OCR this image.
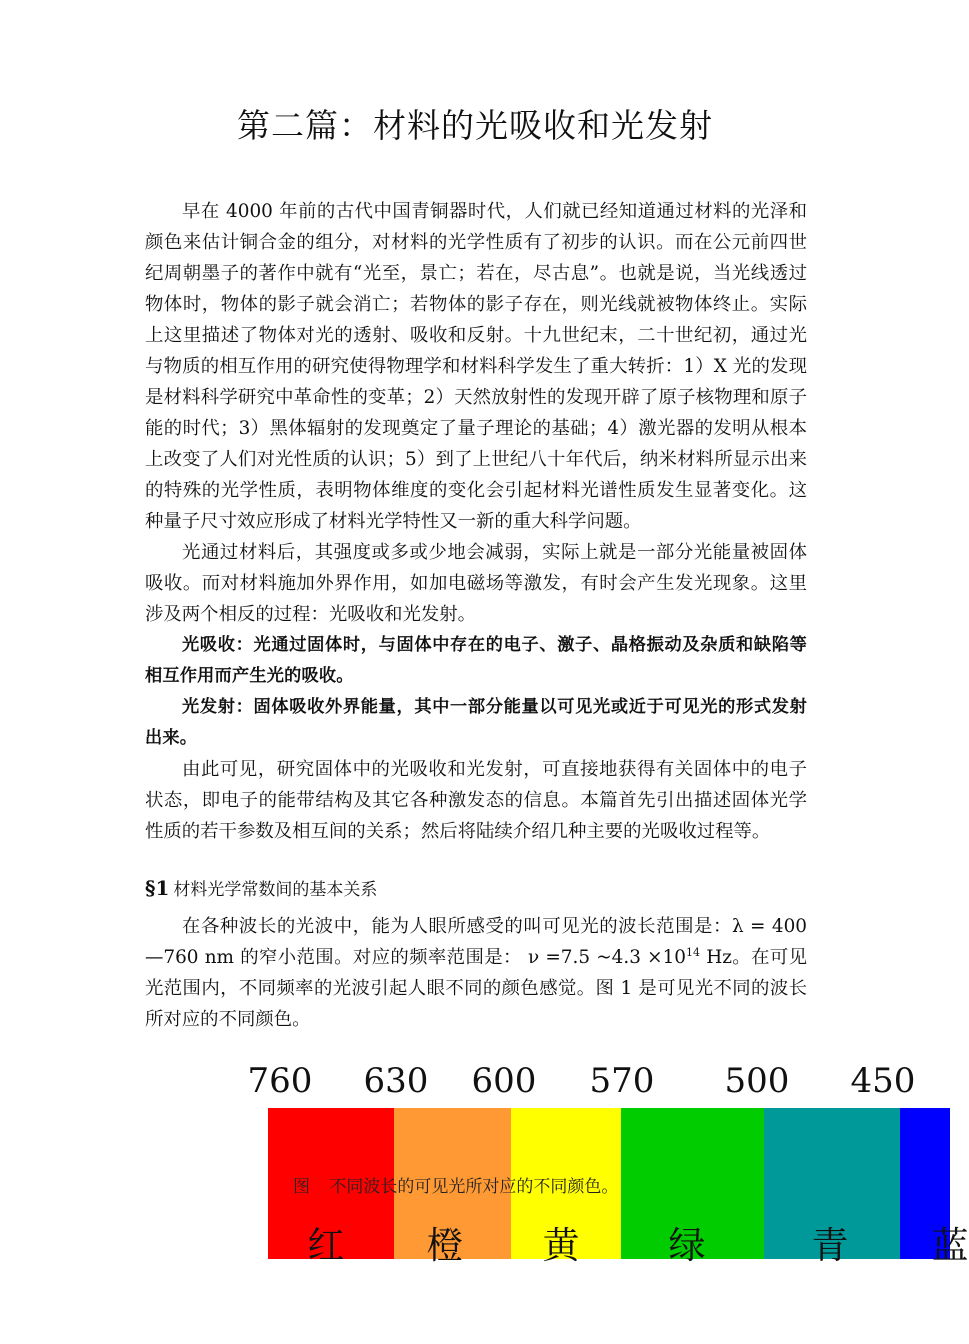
第二篇：材料的光吸收和光发射

早在 4000 年前的古代中国青铜器时代，人们就已经知道通过材料的光泽和颜色来估计铜合金的组分，对材料的光学性质有了初步的认识。而在公元前四世纪周朝墨子的著作中就有“光至，景亡；若在，尽古息”。也就是说，当光线透过物体时，物体的影子就会消亡；若物体的影子存在，则光线就被物体终止。实际上这里描述了物体对光的透射、吸收和反射。十九世纪末，二十世纪初，通过光与物质的相互作用的研究使得物理学和材料科学发生了重大转折：1）X 光的发现是材料科学研究中革命性的变革；2）天然放射性的发现开辟了原子核物理和原子能的时代；3）黑体辐射的发现奠定了量子理论的基础；4）激光器的发明从根本上改变了人们对光性质的认识；5）到了上世纪八十年代后，纳米材料所显示出来的特殊的光学性质，表明物体维度的变化会引起材料光谱性质发生显著变化。这种量子尺寸效应形成了材料光学特性又一新的重大科学问题。

光通过材料后，其强度或多或少地会减弱，实际上就是一部分光能量被固体吸收。而对材料施加外界作用，如加电磁场等激发，有时会产生发光现象。这里涉及两个相反的过程：光吸收和光发射。

光吸收：光通过固体时，与固体中存在的电子、激子、晶格振动及杂质和缺陷等相互作用而产生光的吸收。

光发射：固体吸收外界能量，其中一部分能量以可见光或近于可见光的形式发射出来。

由此可见，研究固体中的光吸收和光发射，可直接地获得有关固体中的电子状态，即电子的能带结构及其它各种激发态的信息。本篇首先引出描述固体光学性质的若干参数及相互间的关系；然后将陆续介绍几种主要的光吸收过程等。

§1 材料光学常数间的基本关系

在各种波长的光波中，能为人眼所感受的叫可见光的波长范围是：λ = 400—760 nm 的窄小范围。对应的频率范围是： ν =7.5 ~4.3 $\times 10^{14}$ Hz。在可见光范围内，不同频率的光波引起人眼不同的颜色感觉。图 1 是可见光不同的波长所对应的不同颜色。

760 630 600 570 500 450
图 不同波长的可见光所对应的不同颜色。
红 橙 黄 绿	青 蓝
